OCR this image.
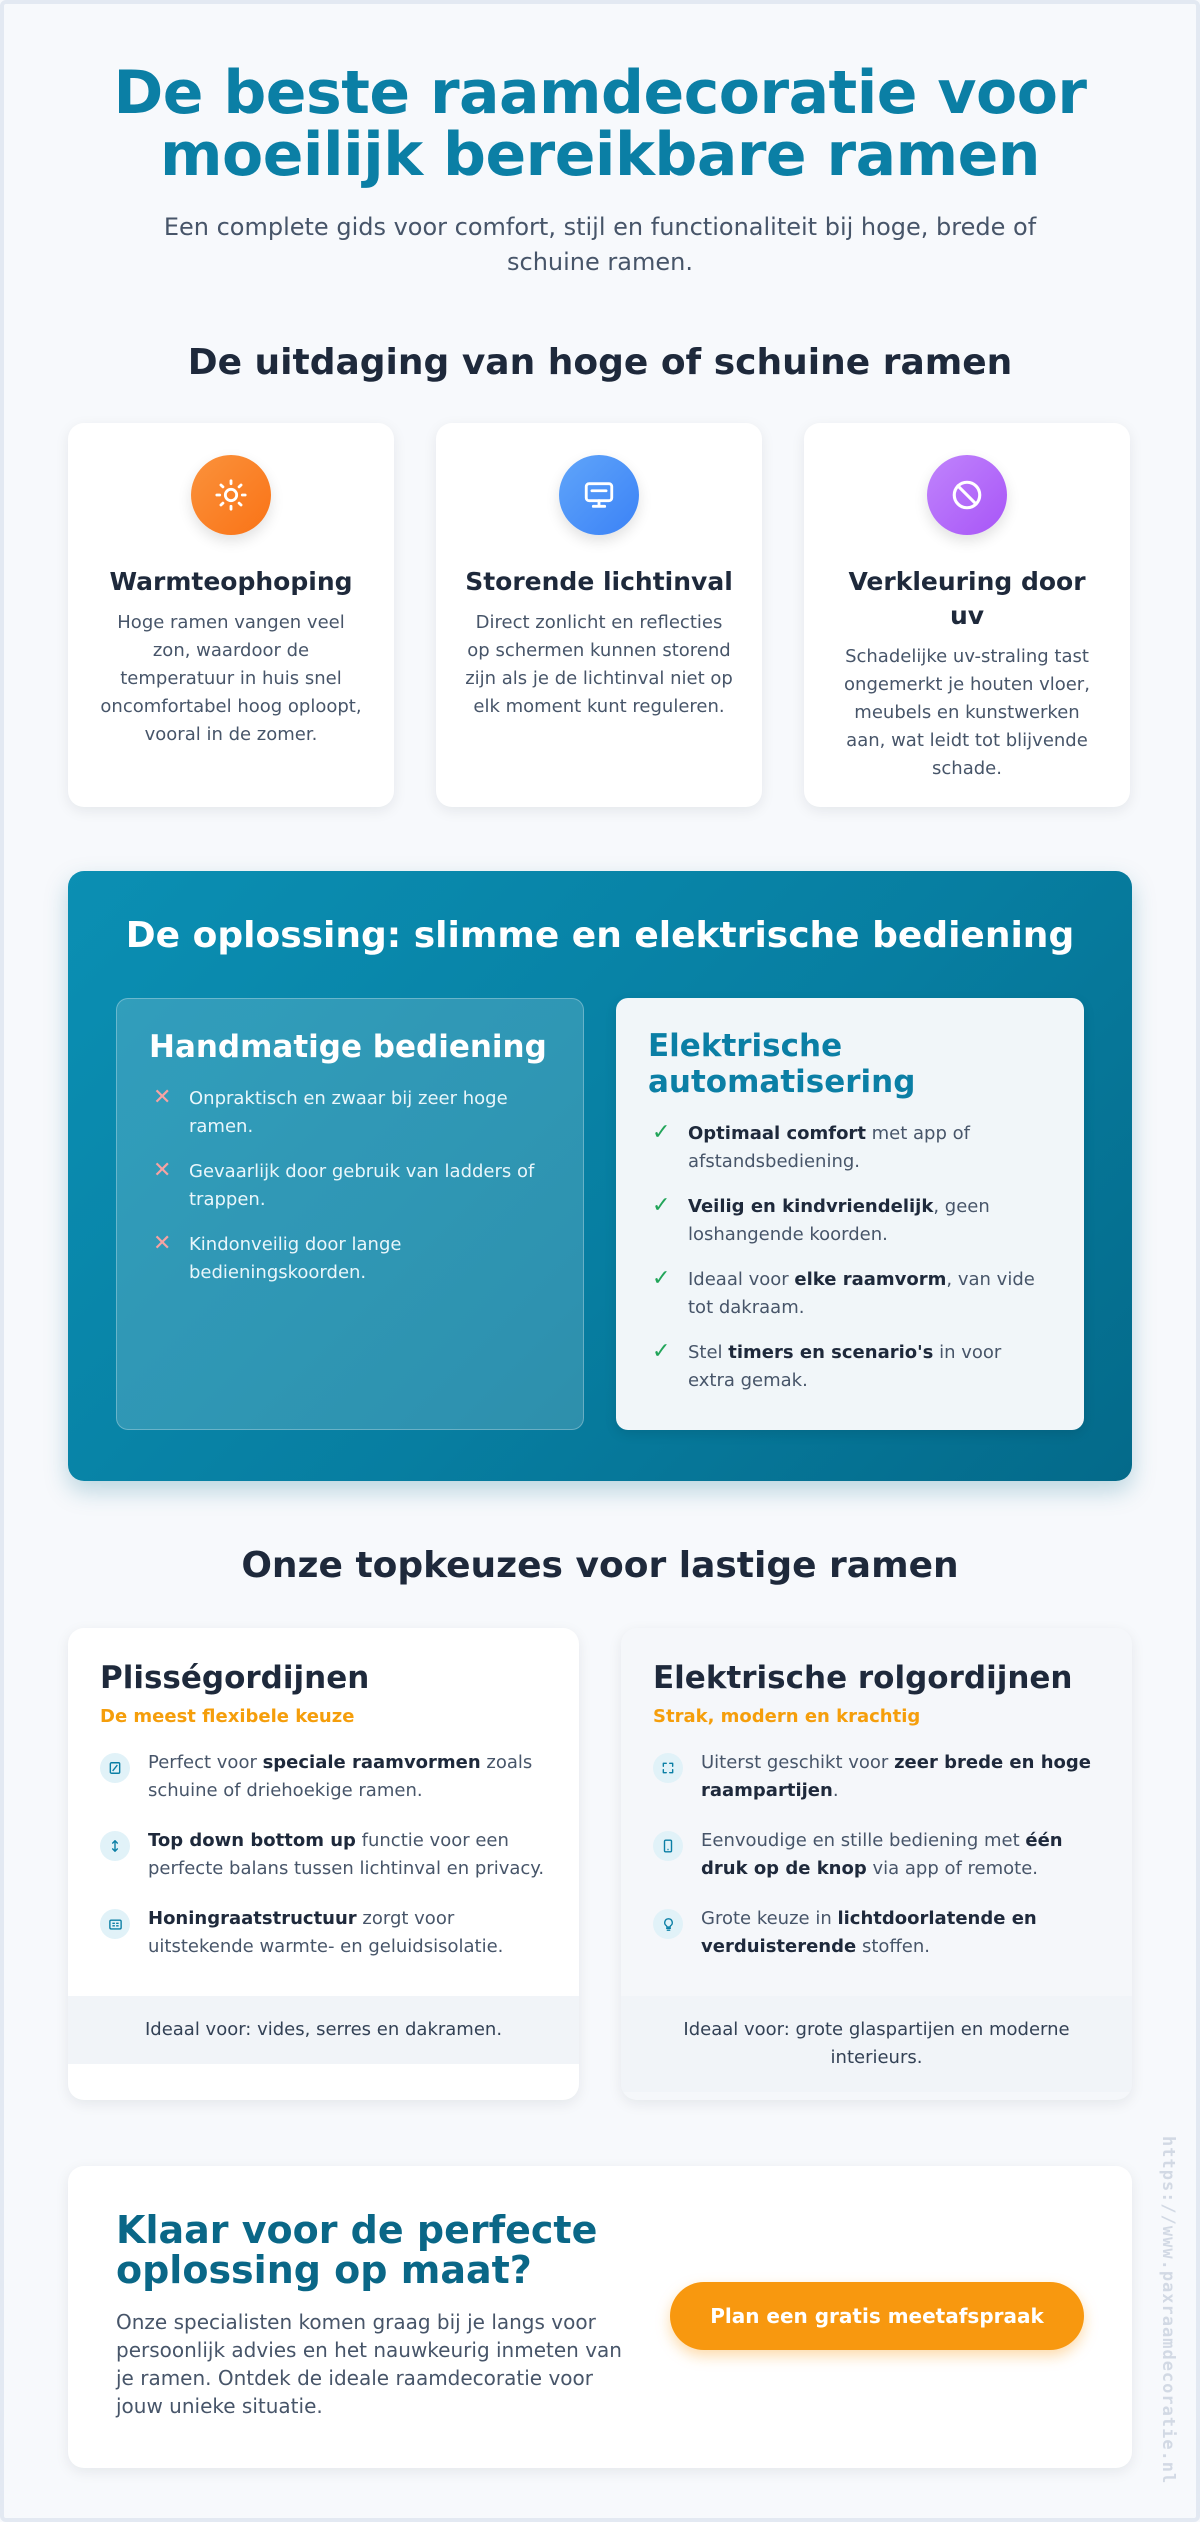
De beste raamdecoratie voor moeilijk bereikbare ramen

Een complete gids voor comfort, stijl en functionaliteit bij hoge, brede of schuine ramen.

De uitdaging van hoge of schuine ramen
Warmteophoping

Hoge ramen vangen veel zon, waardoor de temperatuur in huis snel oncomfortabel hoog oploopt, vooral in de zomer.

Storende lichtinval

Direct zonlicht en reflecties op schermen kunnen storend zijn als je de lichtinval niet op elk moment kunt reguleren.

Verkleuring door uv

Schadelijke uv-straling tast ongemerkt je houten vloer, meubels en kunstwerken aan, wat leidt tot blijvende schade.

De oplossing: slimme en elektrische bediening
Handmatige bediening
✕ Onpraktisch en zwaar bij zeer hoge ramen.
✕ Gevaarlijk door gebruik van ladders of trappen.
✕ Kindonveilig door lange bedieningskoorden.
Elektrische automatisering
✓ Optimaal comfort met app of afstandsbediening.
✓ Veilig en kindvriendelijk, geen loshangende koorden.
✓ Ideaal voor elke raamvorm, van vide tot dakraam.
✓ Stel timers en scenario's in voor extra gemak.
Onze topkeuzes voor lastige ramen
Plisségordijnen
De meest flexibele keuze
Perfect voor speciale raamvormen zoals schuine of driehoekige ramen.
Top down bottom up functie voor een perfecte balans tussen lichtinval en privacy.
Honingraatstructuur zorgt voor uitstekende warmte- en geluidsisolatie.
Ideaal voor: vides, serres en dakramen.
Elektrische rolgordijnen
Strak, modern en krachtig
Uiterst geschikt voor zeer brede en hoge raampartijen.
Eenvoudige en stille bediening met één druk op de knop via app of remote.
Grote keuze in lichtdoorlatende en verduisterende stoffen.
Ideaal voor: grote glaspartijen en moderne interieurs.
Klaar voor de perfecte oplossing op maat?

Onze specialisten komen graag bij je langs voor persoonlijk advies en het nauwkeurig inmeten van je ramen. Ontdek de ideale raamdecoratie voor jouw unieke situatie.

Plan een gratis meetafspraak	https://www.paxraamdecoratie.nl
